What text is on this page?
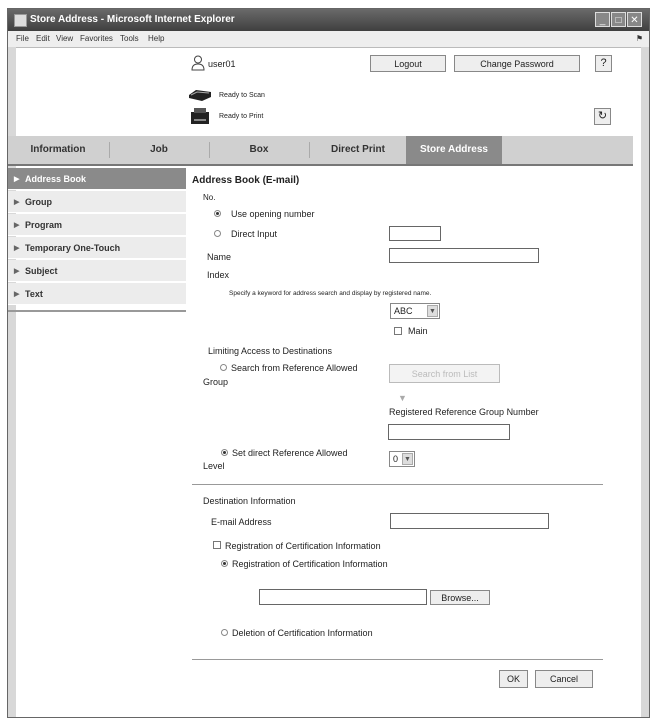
Store Address - Microsoft Internet Explorer	_	□ ✕
File Edit View Favorites Tools Help	⚑
user01	Logout	Change Password	?
Ready to Scan
Ready to Print	↻
Information	Job	Box	Direct Print	Store Address
▶ Address Book
▶ Group
▶ Program
▶ Temporary One-Touch
▶ Subject
▶ Text
Address Book (E-mail)
No.
Use opening number
Direct Input
Name
Index
Specify a keyword for address search and display by registered name.
ABC ▼
Main
Limiting Access to Destinations
Search from Reference Allowed
Group
Search from List
▼
Registered Reference Group Number
Set direct Reference Allowed
Level
0 ▼
Destination Information
E-mail Address
Registration of Certification Information
Registration of Certification Information
Browse...
Deletion of Certification Information
OK	Cancel
